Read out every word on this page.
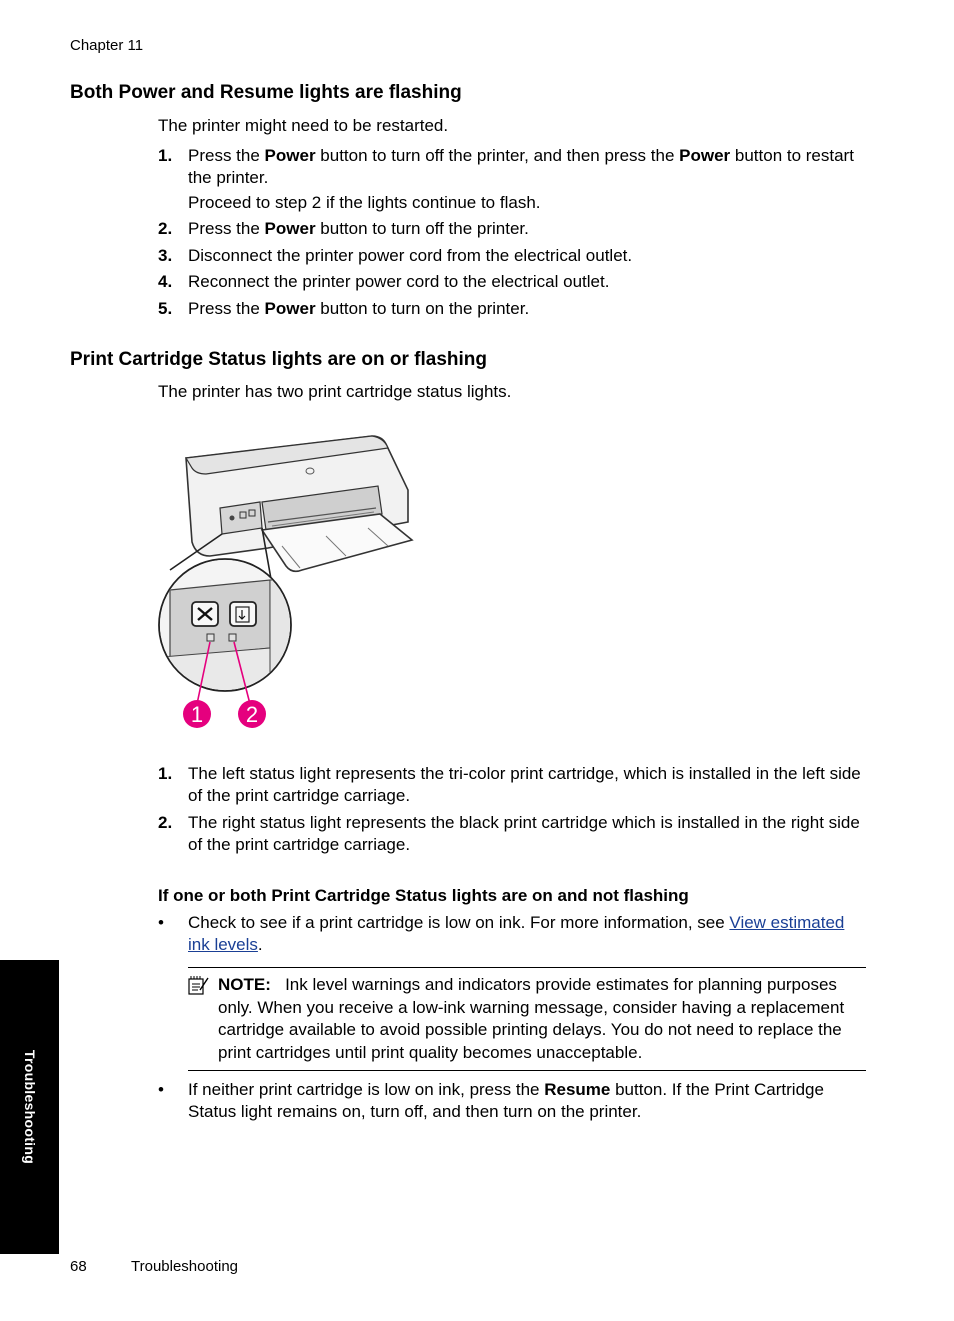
Chapter 11
Both Power and Resume lights are flashing

The printer might need to be restarted.

1. Press the Power button to turn off the printer, and then press the Power button to restart the printer.
Proceed to step 2 if the lights continue to flash.
2. Press the Power button to turn off the printer.
3. Disconnect the printer power cord from the electrical outlet.
4. Reconnect the printer power cord to the electrical outlet.
5. Press the Power button to turn on the printer.
Print Cartridge Status lights are on or flashing

The printer has two print cartridge status lights.

1 2
1. The left status light represents the tri-color print cartridge, which is installed in the left side of the print cartridge carriage.
2. The right status light represents the black print cartridge which is installed in the right side of the print cartridge carriage.
If one or both Print Cartridge Status lights are on and not flashing
• Check to see if a print cartridge is low on ink. For more information, see View estimated ink levels.
NOTE: Ink level warnings and indicators provide estimates for planning purposes only. When you receive a low-ink warning message, consider having a replacement cartridge available to avoid possible printing delays. You do not need to replace the print cartridges until print quality becomes unacceptable.
• If neither print cartridge is low on ink, press the Resume button. If the Print Cartridge Status light remains on, turn off, and then turn on the printer.
Troubleshooting
68	Troubleshooting
